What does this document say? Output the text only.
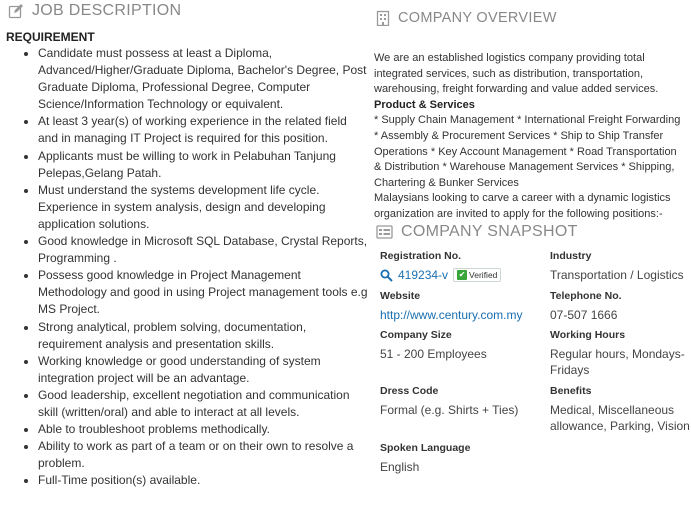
JOB DESCRIPTION
REQUIREMENT
• Candidate must possess at least a Diploma, Advanced/Higher/Graduate Diploma, Bachelor's Degree, Post Graduate Diploma, Professional Degree, Computer Science/Information Technology or equivalent.
• At least 3 year(s) of working experience in the related field and in managing IT Project is required for this position.
• Applicants must be willing to work in Pelabuhan Tanjung Pelepas,Gelang Patah.
• Must understand the systems development life cycle. Experience in system analysis, design and developing application solutions.
• Good knowledge in Microsoft SQL Database, Crystal Reports, Programming .
• Possess good knowledge in Project Management Methodology and good in using Project management tools e.g MS Project.
• Strong analytical, problem solving, documentation, requirement analysis and presentation skills.
• Working knowledge or good understanding of system integration project will be an advantage.
• Good leadership, excellent negotiation and communication skill (written/oral) and able to interact at all levels.
• Able to troubleshoot problems methodically.
• Ability to work as part of a team or on their own to resolve a problem.
• Full-Time position(s) available.
COMPANY OVERVIEW

We are an established logistics company providing total integrated services, such as distribution, transportation, warehousing, freight forwarding and value added services.

Product & Services

* Supply Chain Management * International Freight Forwarding * Assembly & Procurement Services * Ship to Ship Transfer Operations * Key Account Management * Road Transportation & Distribution * Warehouse Management Services * Shipping, Chartering & Bunker Services

Malaysians looking to carve a career with a dynamic logistics organization are invited to apply for the following positions:-

COMPANY SNAPSHOT
Registration No.
419234-v ✔ Verified
Industry
Transportation / Logistics
Website
http://www.century.com.my
Telephone No.
07-507 1666
Company Size
51 - 200 Employees
Working Hours
Regular hours, Mondays-Fridays
Dress Code
Formal (e.g. Shirts + Ties)
Benefits
Medical, Miscellaneous allowance, Parking, Vision
Spoken Language
English
